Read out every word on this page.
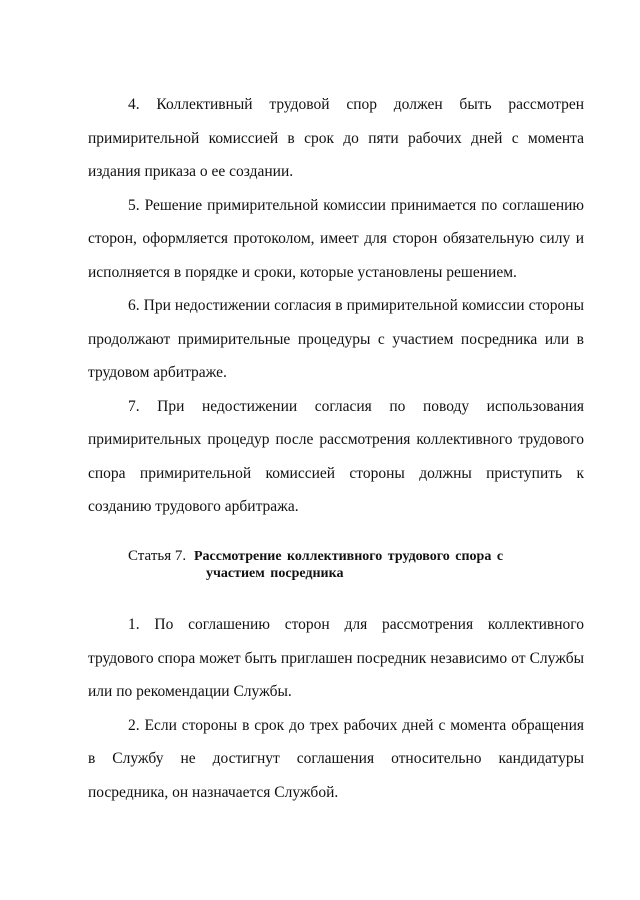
4. Коллективный трудовой спор должен быть рассмотрен примирительной комиссией в срок до пяти рабочих дней с момента издания приказа о ее создании.

5. Решение примирительной комиссии принимается по соглашению сторон, оформляется протоколом, имеет для сторон обязательную силу и исполняется в порядке и сроки, которые установлены решением.

6. При недостижении согласия в примирительной комиссии стороны продолжают примирительные процедуры с участием посредника или в трудовом арбитраже.

7. При недостижении согласия по поводу использования примирительных процедур после рассмотрения коллективного трудового спора примирительной комиссией стороны должны приступить к созданию трудового арбитража.

Статья 7. Рассмотрение коллективного трудового спора с
участием посредника

1. По соглашению сторон для рассмотрения коллективного трудового спора может быть приглашен посредник независимо от Службы или по рекомендации Службы.

2. Если стороны в срок до трех рабочих дней с момента обращения в Службу не достигнут соглашения относительно кандидатуры посредника, он назначается Службой.
